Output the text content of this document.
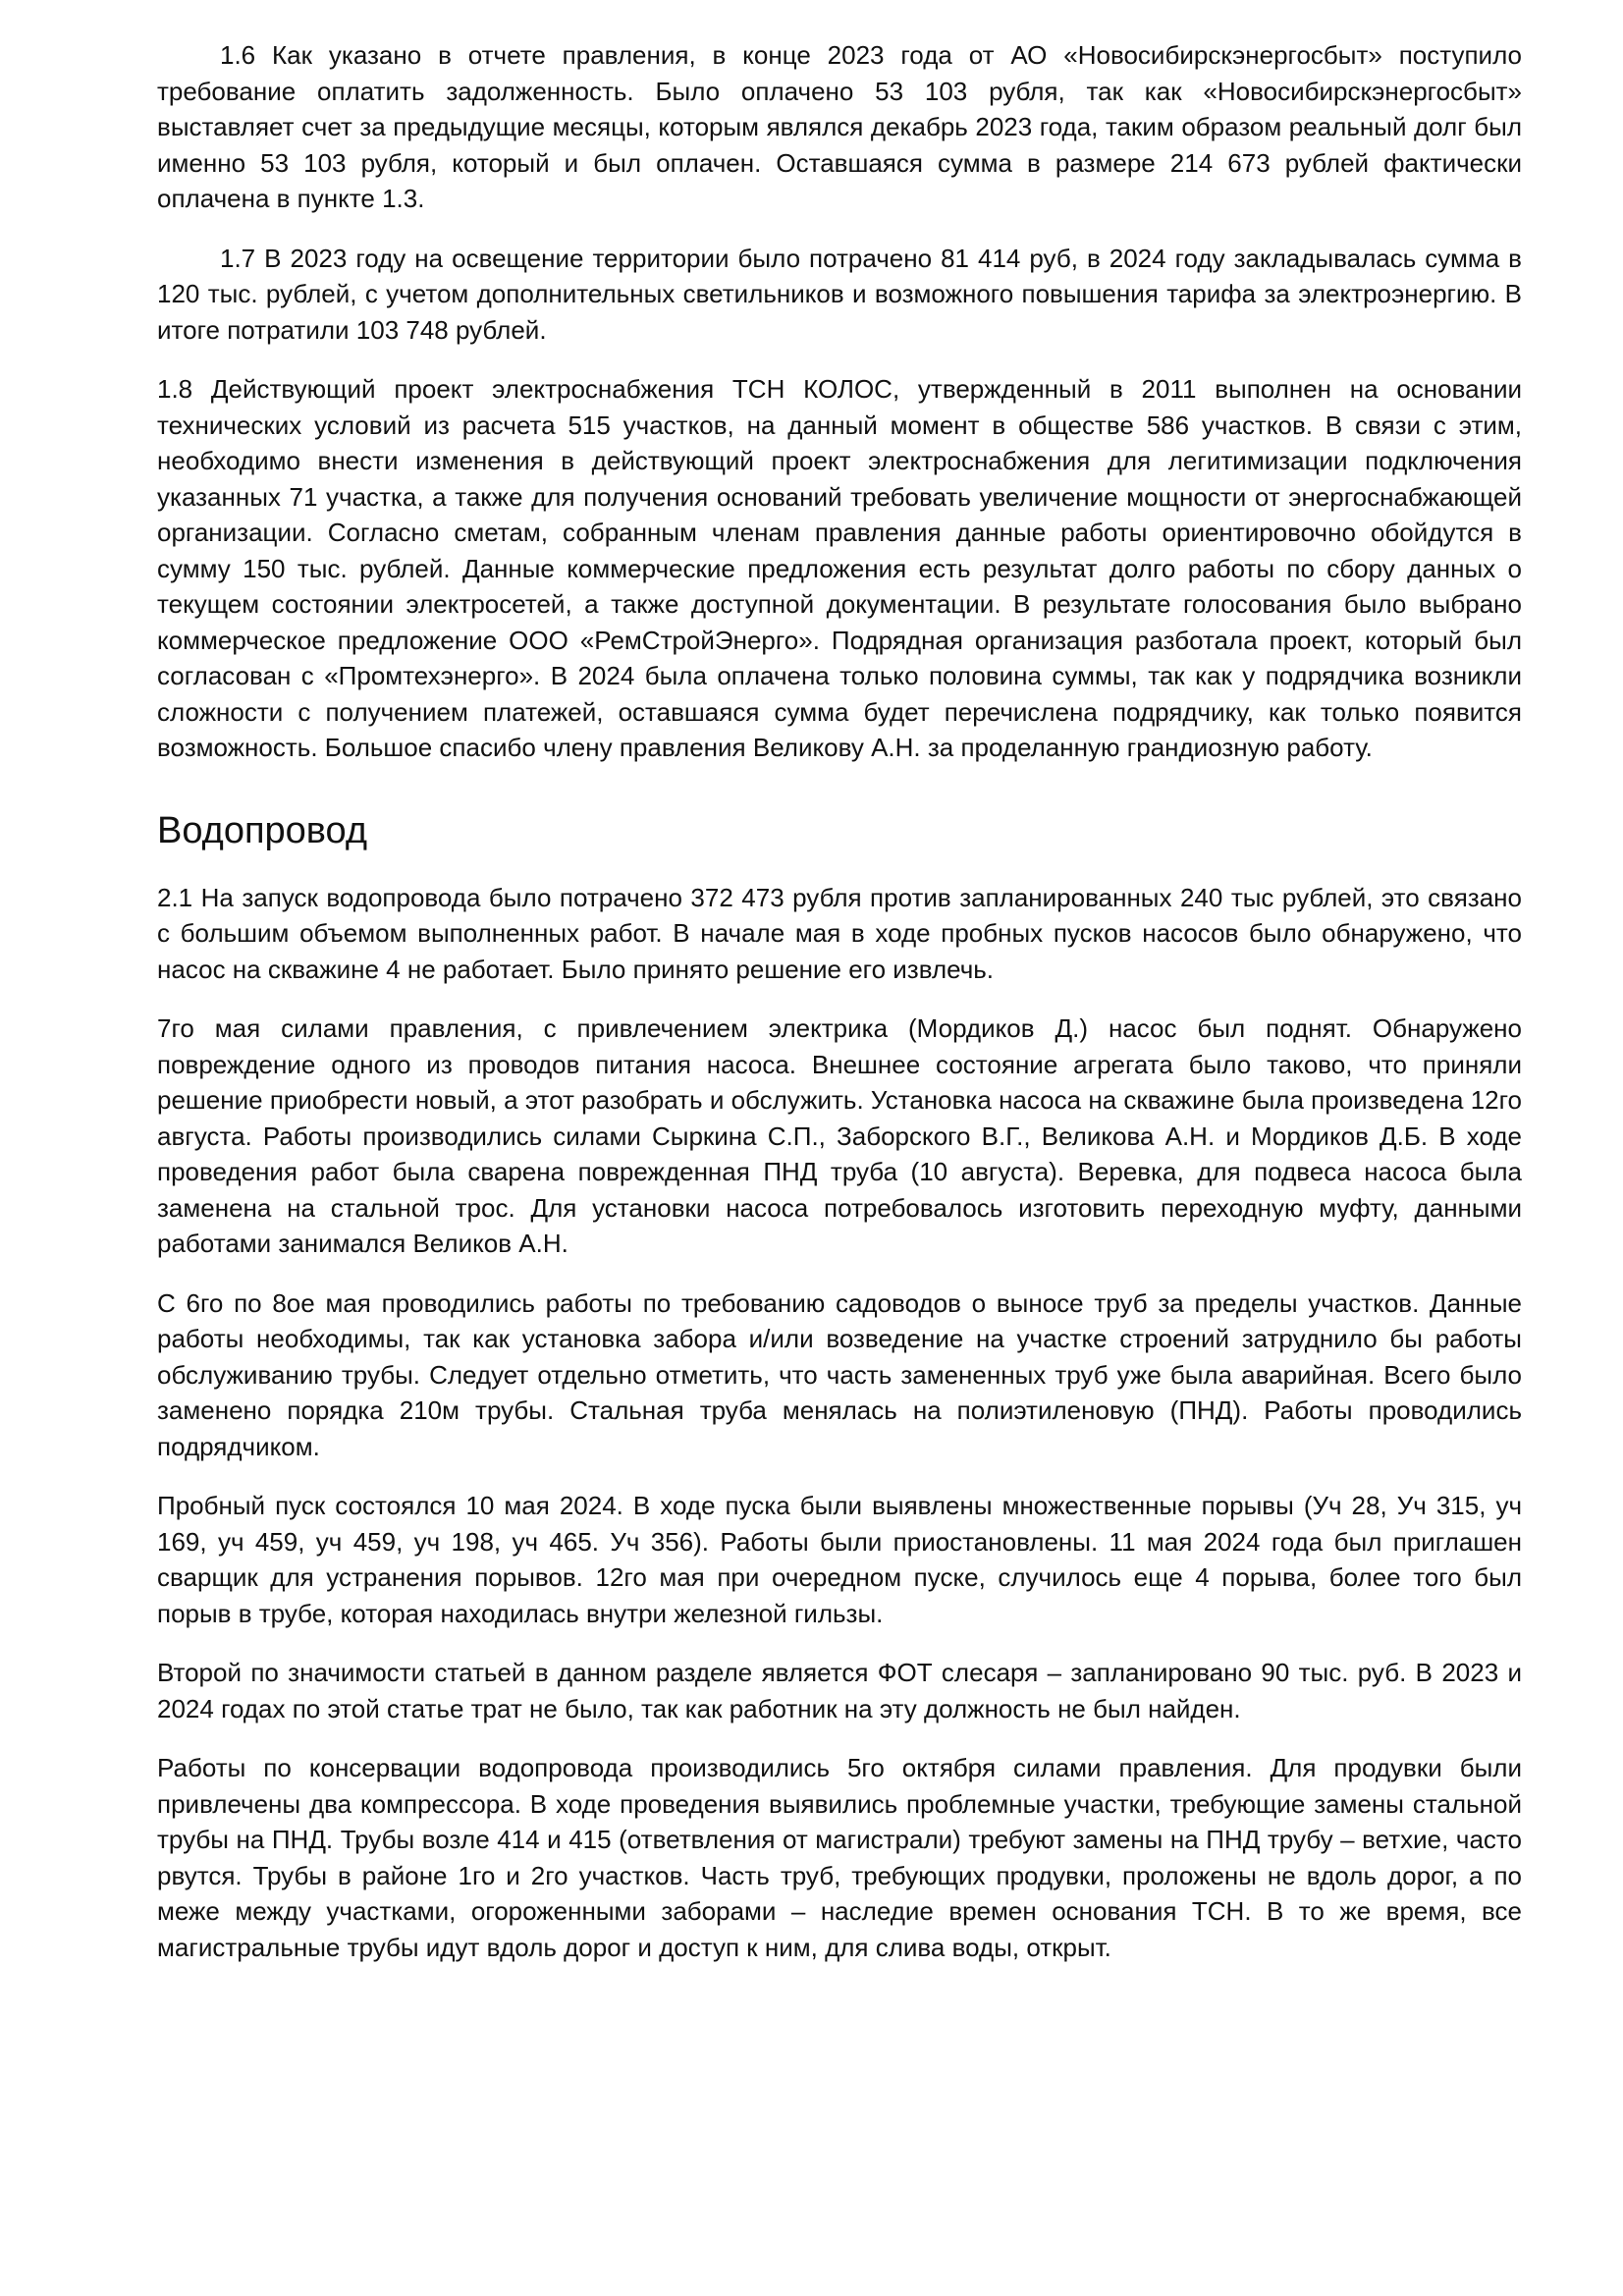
1.6 Как указано в отчете правления, в конце 2023 года от АО «Новосибирскэнергосбыт» поступило требование оплатить задолженность. Было оплачено 53 103 рубля, так как «Новосибирскэнергосбыт» выставляет счет за предыдущие месяцы, которым являлся декабрь 2023 года, таким образом реальный долг был именно 53 103 рубля, который и был оплачен. Оставшаяся сумма в размере 214 673 рублей фактически оплачена в пункте 1.3.

1.7 В 2023 году на освещение территории было потрачено 81 414 руб, в 2024 году закладывалась сумма в 120 тыс. рублей, с учетом дополнительных светильников и возможного повышения тарифа за электроэнергию. В итоге потратили 103 748 рублей.

1.8 Действующий проект электроснабжения ТСН КОЛОС, утвержденный в 2011 выполнен на основании технических условий из расчета 515 участков, на данный момент в обществе 586 участков. В связи с этим, необходимо внести изменения в действующий проект электроснабжения для легитимизации подключения указанных 71 участка, а также для получения оснований требовать увеличение мощности от энергоснабжающей организации. Согласно сметам, собранным членам правления данные работы ориентировочно обойдутся в сумму 150 тыс. рублей. Данные коммерческие предложения есть результат долго работы по сбору данных о текущем состоянии электросетей, а также доступной документации. В результате голосования было выбрано коммерческое предложение ООО «РемСтройЭнерго». Подрядная организация разботала проект, который был согласован с «Промтехэнерго». В 2024 была оплачена только половина суммы, так как у подрядчика возникли сложности с получением платежей, оставшаяся сумма будет перечислена подрядчику, как только появится возможность. Большое спасибо члену правления Великову А.Н. за проделанную грандиозную работу.

Водопровод

2.1 На запуск водопровода было потрачено 372 473 рубля против запланированных 240 тыс рублей, это связано с большим объемом выполненных работ. В начале мая в ходе пробных пусков насосов было обнаружено, что насос на скважине 4 не работает. Было принято решение его извлечь.

7го мая силами правления, с привлечением электрика (Мордиков Д.) насос был поднят. Обнаружено повреждение одного из проводов питания насоса. Внешнее состояние агрегата было таково, что приняли решение приобрести новый, а этот разобрать и обслужить. Установка насоса на скважине была произведена 12го августа. Работы производились силами Сыркина С.П., Заборского В.Г., Великова А.Н. и Мордиков Д.Б. В ходе проведения работ была сварена поврежденная ПНД труба (10 августа). Веревка, для подвеса насоса была заменена на стальной трос. Для установки насоса потребовалось изготовить переходную муфту, данными работами занимался Великов А.Н.

С 6го по 8ое мая проводились работы по требованию садоводов о выносе труб за пределы участков. Данные работы необходимы, так как установка забора и/или возведение на участке строений затруднило бы работы обслуживанию трубы. Следует отдельно отметить, что часть замененных труб уже была аварийная. Всего было заменено порядка 210м трубы. Стальная труба менялась на полиэтиленовую (ПНД). Работы проводились подрядчиком.

Пробный пуск состоялся 10 мая 2024. В ходе пуска были выявлены множественные порывы (Уч 28, Уч 315, уч 169, уч 459, уч 459, уч 198, уч 465. Уч 356). Работы были приостановлены. 11 мая 2024 года был приглашен сварщик для устранения порывов. 12го мая при очередном пуске, случилось еще 4 порыва, более того был порыв в трубе, которая находилась внутри железной гильзы.

Второй по значимости статьей в данном разделе является ФОТ слесаря – запланировано 90 тыс. руб. В 2023 и 2024 годах по этой статье трат не было, так как работник на эту должность не был найден.

Работы по консервации водопровода производились 5го октября силами правления. Для продувки были привлечены два компрессора. В ходе проведения выявились проблемные участки, требующие замены стальной трубы на ПНД. Трубы возле 414 и 415 (ответвления от магистрали) требуют замены на ПНД трубу – ветхие, часто рвутся. Трубы в районе 1го и 2го участков. Часть труб, требующих продувки, проложены не вдоль дорог, а по меже между участками, огороженными заборами – наследие времен основания ТСН. В то же время, все магистральные трубы идут вдоль дорог и доступ к ним, для слива воды, открыт.
